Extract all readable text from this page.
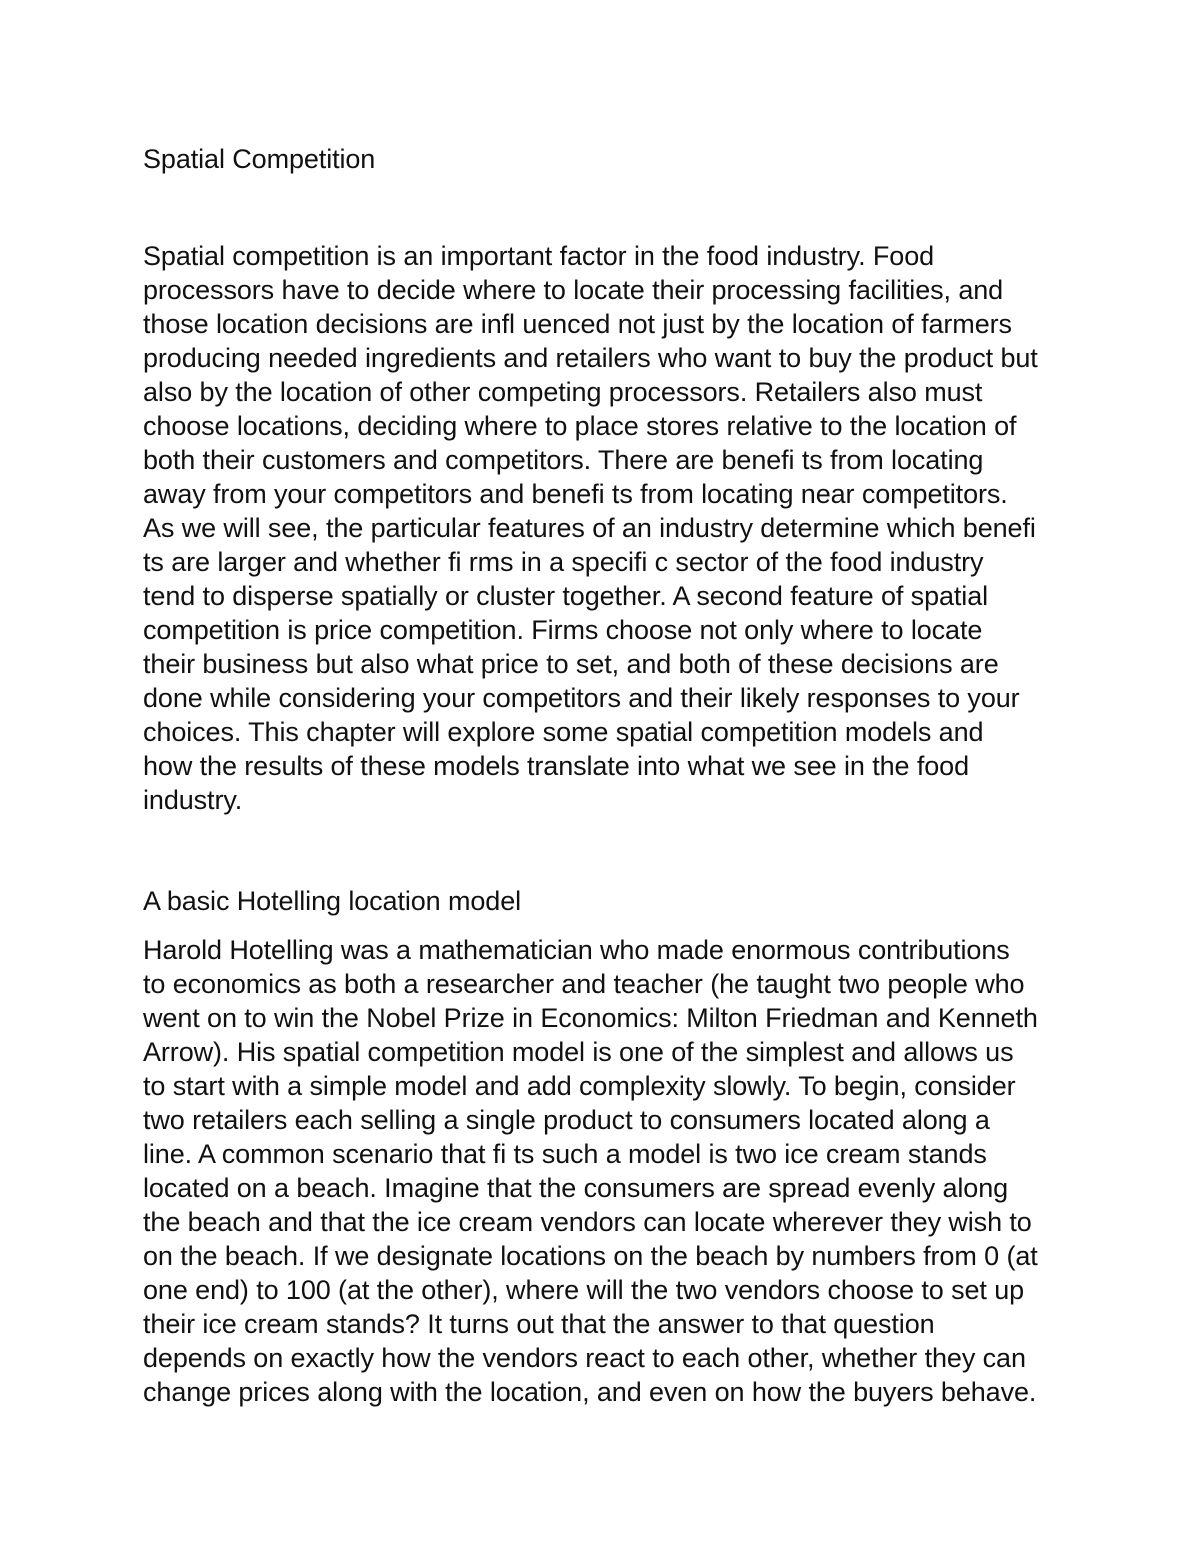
Spatial Competition
Spatial competition is an important factor in the food industry. Food
processors have to decide where to locate their processing facilities, and
those location decisions are infl uenced not just by the location of farmers
producing needed ingredients and retailers who want to buy the product but
also by the location of other competing processors. Retailers also must
choose locations, deciding where to place stores relative to the location of
both their customers and competitors. There are benefi ts from locating
away from your competitors and benefi ts from locating near competitors.
As we will see, the particular features of an industry determine which benefi
ts are larger and whether fi rms in a specifi c sector of the food industry
tend to disperse spatially or cluster together. A second feature of spatial
competition is price competition. Firms choose not only where to locate
their business but also what price to set, and both of these decisions are
done while considering your competitors and their likely responses to your
choices. This chapter will explore some spatial competition models and
how the results of these models translate into what we see in the food
industry.
A basic Hotelling location model
Harold Hotelling was a mathematician who made enormous contributions
to economics as both a researcher and teacher (he taught two people who
went on to win the Nobel Prize in Economics: Milton Friedman and Kenneth
Arrow). His spatial competition model is one of the simplest and allows us
to start with a simple model and add complexity slowly. To begin, consider
two retailers each selling a single product to consumers located along a
line. A common scenario that fi ts such a model is two ice cream stands
located on a beach. Imagine that the consumers are spread evenly along
the beach and that the ice cream vendors can locate wherever they wish to
on the beach. If we designate locations on the beach by numbers from 0 (at
one end) to 100 (at the other), where will the two vendors choose to set up
their ice cream stands? It turns out that the answer to that question
depends on exactly how the vendors react to each other, whether they can
change prices along with the location, and even on how the buyers behave.
